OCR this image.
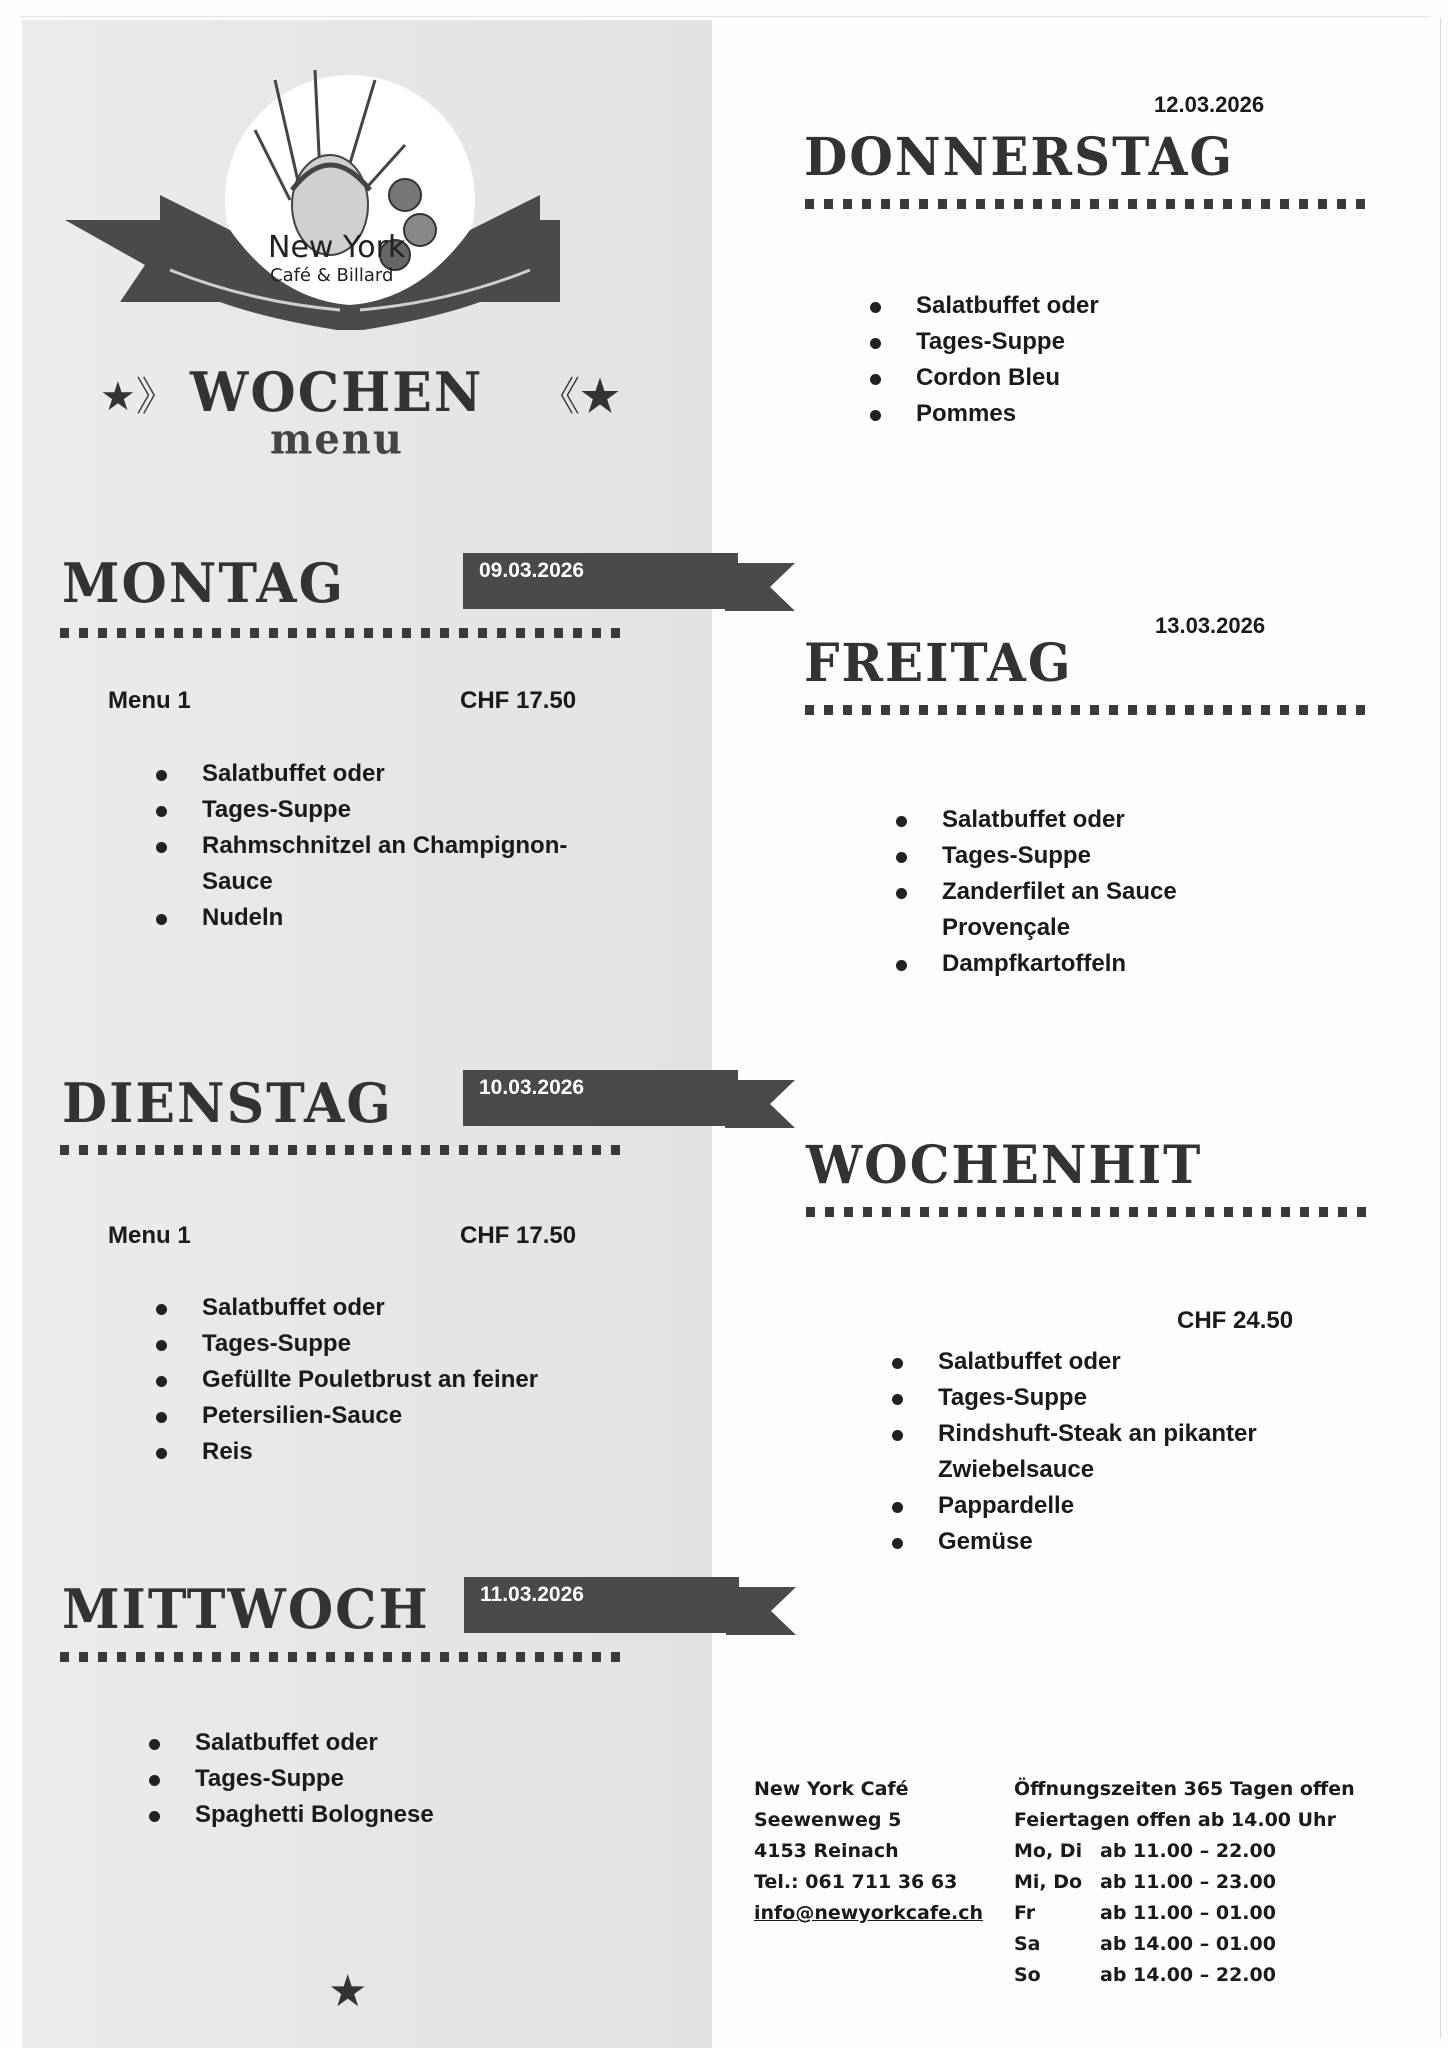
New York
Café & Billard
★》 WOCHEN 《★
menu
MONTAG	09.03.2026
Menu 1	CHF 17.50
Salatbuffet oder
Tages-Suppe
Rahmschnitzel an Champignon-
Sauce
Nudeln
DIENSTAG	10.03.2026
Menu 1	CHF 17.50
Salatbuffet oder
Tages-Suppe
Gefüllte Pouletbrust an feiner
Petersilien-Sauce
Reis
MITTWOCH 11.03.2026
Salatbuffet oder
Tages-Suppe
Spaghetti Bolognese
★
12.03.2026
DONNERSTAG
Salatbuffet oder
Tages-Suppe
Cordon Bleu
Pommes
13.03.2026
FREITAG
Salatbuffet oder
Tages-Suppe
Zanderfilet an Sauce
Provençale
Dampfkartoffeln
WOCHENHIT
CHF 24.50
Salatbuffet oder
Tages-Suppe
Rindshuft-Steak an pikanter
Zwiebelsauce
Pappardelle
Gemüse
New York Café
Seewenweg 5
4153 Reinach
Tel.: 061 711 36 63
info@newyorkcafe.ch
Öffnungszeiten 365 Tagen offen
Feiertagen offen ab 14.00 Uhr
Mo, Di ab 11.00 – 22.00
Mi, Do ab 11.00 – 23.00
Fr	ab 11.00 – 01.00
Sa	ab 14.00 – 01.00
So	ab 14.00 – 22.00
